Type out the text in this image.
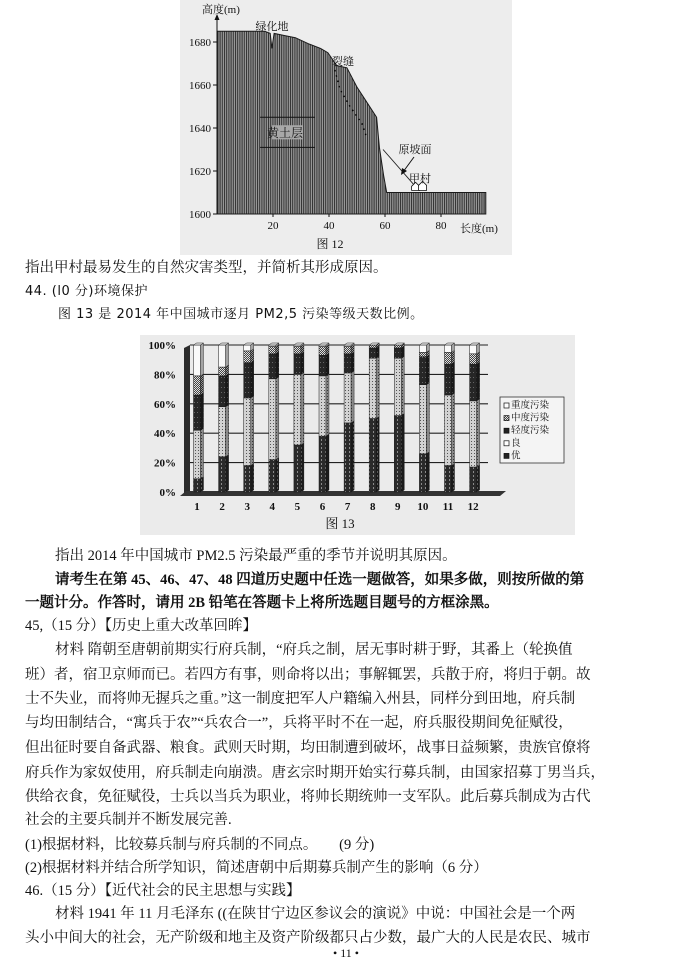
1600
1620
1640
1660
1680
20	40	60	80
高度(m)
长度(m)
图 12
绿化地
裂缝
黄土层
原坡面
甲村
指出甲村最易发生的自然灾害类型，并简析其形成原因。
44. (l0 分)环境保护
图 13 是 2014 年中国城市逐月 PM2,5 污染等级天数比例。
0%
20%
40%
60%
80%
100%
1 2 3 4 5 6 7 8 9 10 11 12
重度污染
中度污染
轻度污染
良
优
图 13
指出 2014 年中国城市 PM2.5 污染最严重的季节并说明其原因。
请考生在第 45、46、47、48 四道历史题中任选一题做答，如果多做，则按所做的第
一题计分。作答时，请用 2B 铅笔在答题卡上将所选题目题号的方框涂黑。
45,（15 分）【历史上重大改革回眸】
材料 隋朝至唐朝前期实行府兵制，“府兵之制，居无事时耕于野，其番上（轮换值
班）者，宿卫京师而已。若四方有事，则命将以出；事解辄罢，兵散于府，将归于朝。故
士不失业，而将帅无握兵之重。”这一制度把军人户籍编入州县，同样分到田地，府兵制
与均田制结合，“寓兵于农”“兵农合一”，兵将平时不在一起，府兵服役期间免征赋役，
但出征时要自备武器、粮食。武则天时期，均田制遭到破坏，战事日益频繁，贵族官僚将
府兵作为家奴使用，府兵制走向崩溃。唐玄宗时期开始实行募兵制，由国家招募丁男当兵，
供给衣食，免征赋役，士兵以当兵为职业，将帅长期统帅一支军队。此后募兵制成为古代
社会的主要兵制并不断发展完善.
(1)根据材料，比较募兵制与府兵制的不同点。　　(9 分)
(2)根据材料并结合所学知识，简述唐朝中后期募兵制产生的影响（6 分）
46.（15 分）【近代社会的民主思想与实践】
材料 1941 年 11 月毛泽东 ((在陕甘宁边区参议会的演说》中说：中国社会是一个两
头小中间大的社会，无产阶级和地主及资产阶级都只占少数，最广大的人民是农民、城市
• 11 •
